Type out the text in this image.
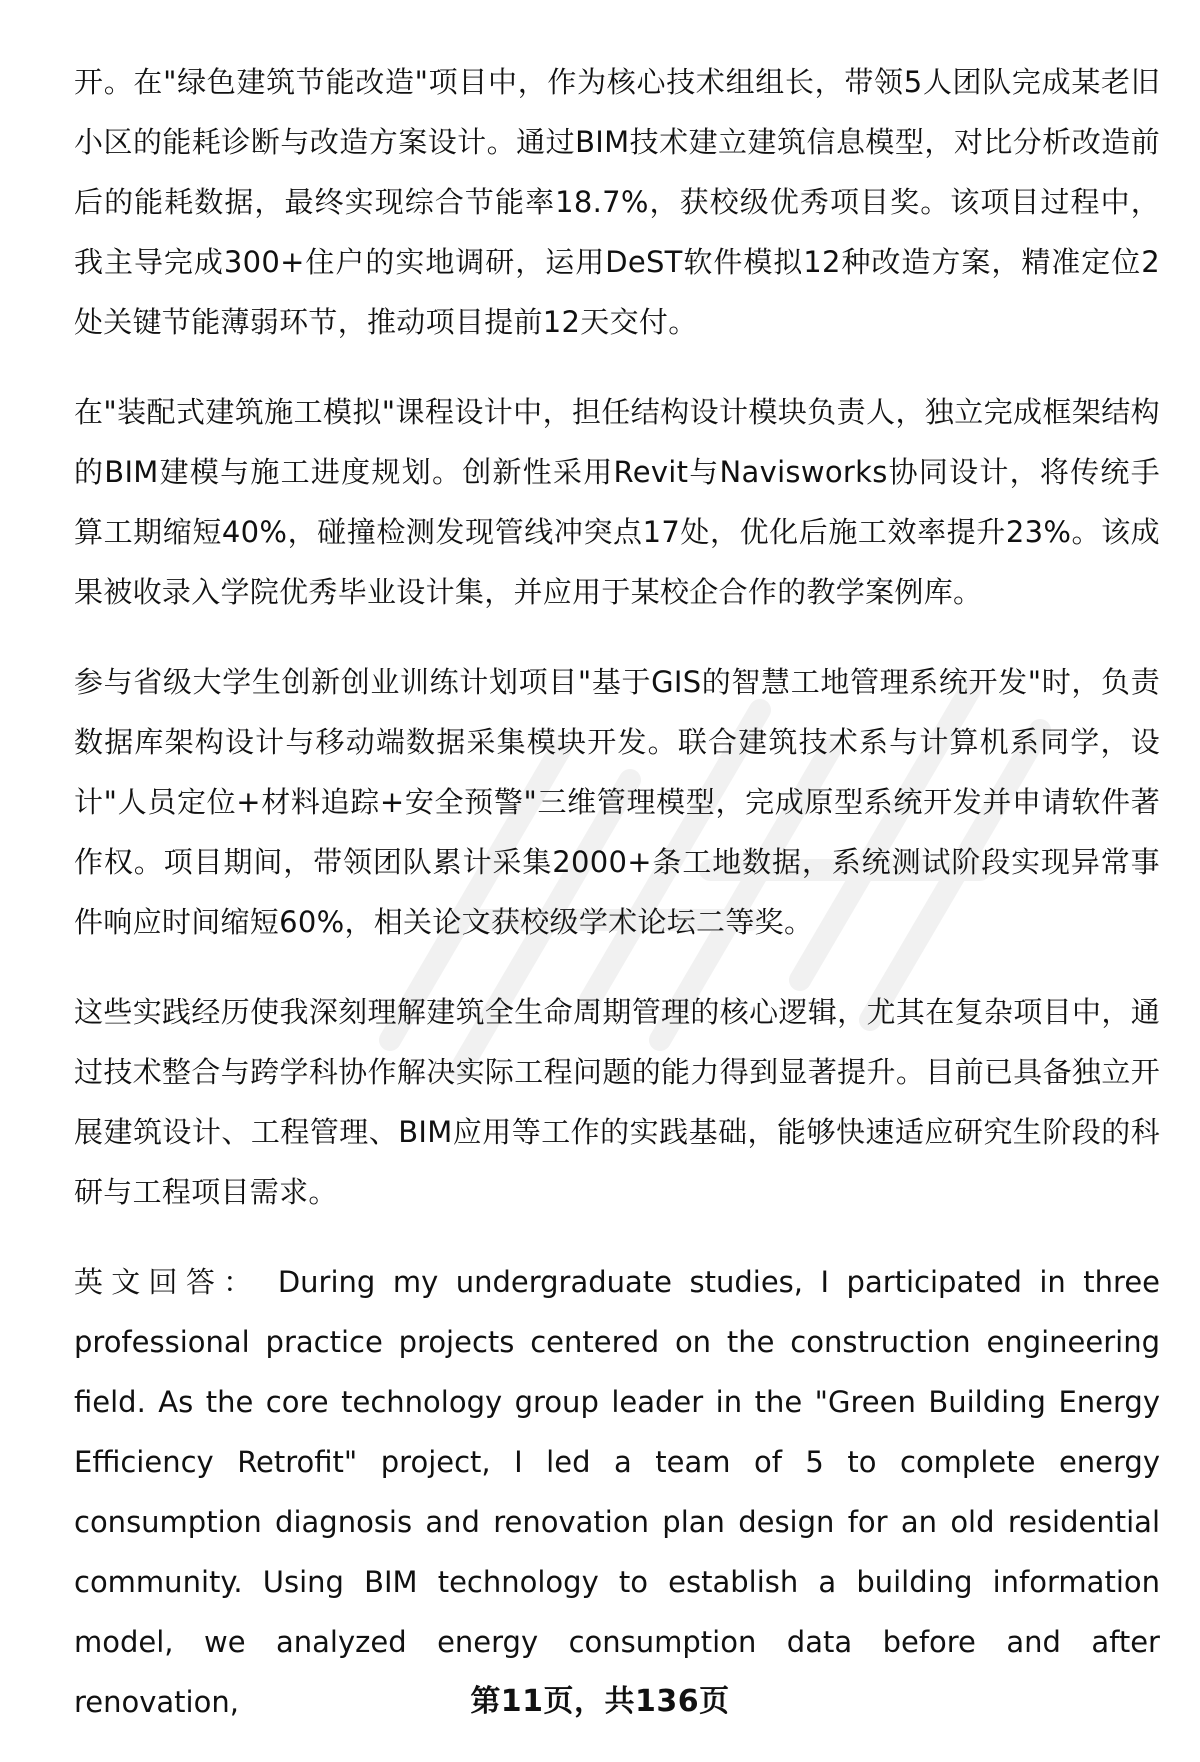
开。在"绿色建筑节能改造"项目中，作为核心技术组组长，带领5人团队完成某老旧小区的能耗诊断与改造方案设计。通过BIM技术建立建筑信息模型，对比分析改造前后的能耗数据，最终实现综合节能率18.7%，获校级优秀项目奖。该项目过程中，我主导完成300+住户的实地调研，运用DeST软件模拟12种改造方案，精准定位2处关键节能薄弱环节，推动项目提前12天交付。

在"装配式建筑施工模拟"课程设计中，担任结构设计模块负责人，独立完成框架结构的BIM建模与施工进度规划。创新性采用Revit与Navisworks协同设计，将传统手算工期缩短40%，碰撞检测发现管线冲突点17处，优化后施工效率提升23%。该成果被收录入学院优秀毕业设计集，并应用于某校企合作的教学案例库。

参与省级大学生创新创业训练计划项目"基于GIS的智慧工地管理系统开发"时，负责数据库架构设计与移动端数据采集模块开发。联合建筑技术系与计算机系同学，设计"人员定位+材料追踪+安全预警"三维管理模型，完成原型系统开发并申请软件著作权。项目期间，带领团队累计采集2000+条工地数据，系统测试阶段实现异常事件响应时间缩短60%，相关论文获校级学术论坛二等奖。

这些实践经历使我深刻理解建筑全生命周期管理的核心逻辑，尤其在复杂项目中，通过技术整合与跨学科协作解决实际工程问题的能力得到显著提升。目前已具备独立开展建筑设计、工程管理、BIM应用等工作的实践基础，能够快速适应研究生阶段的科研与工程项目需求。

英文回答： During my undergraduate studies, I participated in three professional practice projects centered on the construction engineering field. As the core technology group leader in the "Green Building Energy Efficiency Retrofit" project, I led a team of 5 to complete energy consumption diagnosis and renovation plan design for an old residential community. Using BIM technology to establish a building information model, we analyzed energy consumption data before and after renovation,	第11页，共136页
